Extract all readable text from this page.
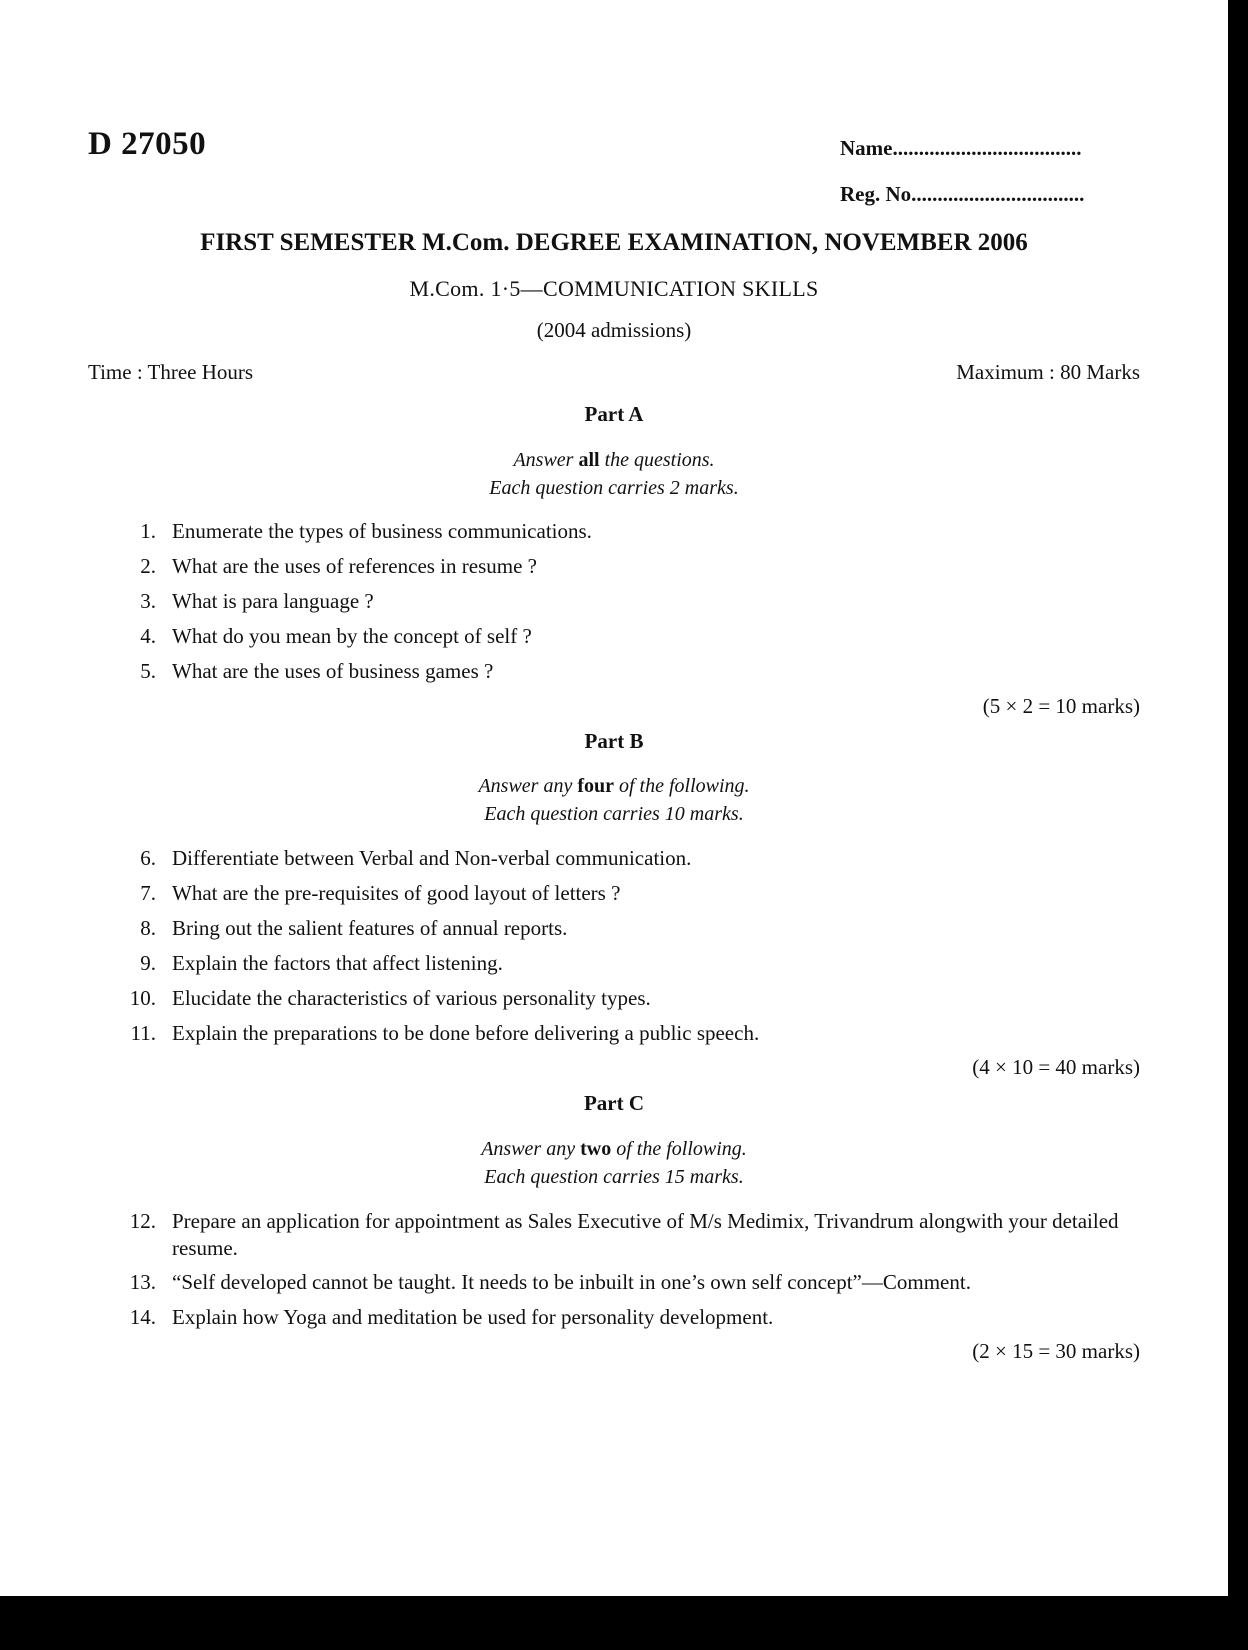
D 27050	Name....................................
Reg. No.................................
FIRST SEMESTER M.Com. DEGREE EXAMINATION, NOVEMBER 2006
M.Com. 1·5—COMMUNICATION SKILLS
(2004 admissions)
Time : Three Hours	Maximum : 80 Marks
Part A
Answer all the questions.
Each question carries 2 marks.
1. Enumerate the types of business communications.
2. What are the uses of references in resume ?
3. What is para language ?
4. What do you mean by the concept of self ?
5. What are the uses of business games ?
(5 × 2 = 10 marks)
Part B
Answer any four of the following.
Each question carries 10 marks.
6. Differentiate between Verbal and Non-verbal communication.
7. What are the pre-requisites of good layout of letters ?
8. Bring out the salient features of annual reports.
9. Explain the factors that affect listening.
10. Elucidate the characteristics of various personality types.
11. Explain the preparations to be done before delivering a public speech.
(4 × 10 = 40 marks)
Part C
Answer any two of the following.
Each question carries 15 marks.
12. Prepare an application for appointment as Sales Executive of M/s Medimix, Trivandrum alongwith your detailed resume.
13. “Self developed cannot be taught. It needs to be inbuilt in one’s own self concept”—Comment.
14. Explain how Yoga and meditation be used for personality development.
(2 × 15 = 30 marks)
